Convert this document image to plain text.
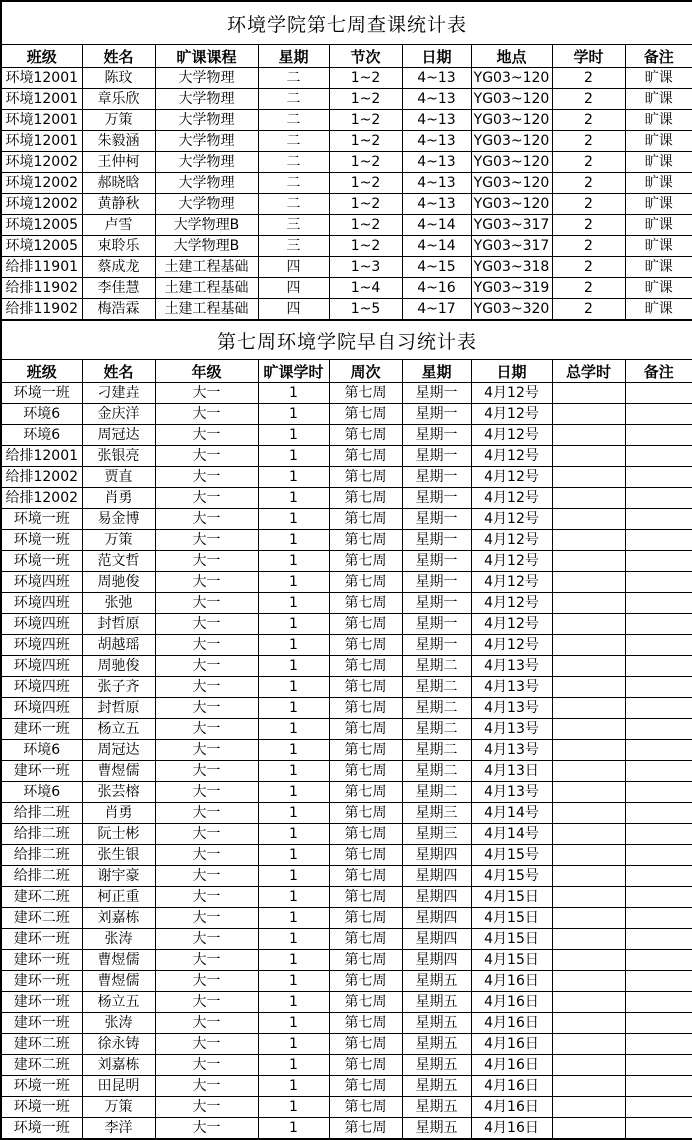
环境学院第七周查课统计表								
班级	姓名	旷课课程	星期	节次	日期	地点	学时	备注
环境12001	陈玟	大学物理	二	1~2	4~13	YG03~120	2	旷课
环境12001	章乐欣	大学物理	二	1~2	4~13	YG03~120	2	旷课
环境12001	万策	大学物理	二	1~2	4~13	YG03~120	2	旷课
环境12001	朱毅涵	大学物理	二	1~2	4~13	YG03~120	2	旷课
环境12002	王仲柯	大学物理	二	1~2	4~13	YG03~120	2	旷课
环境12002	郝晓晗	大学物理	二	1~2	4~13	YG03~120	2	旷课
环境12002	黄静秋	大学物理	二	1~2	4~13	YG03~120	2	旷课
环境12005	卢雪	大学物理B	三	1~2	4~14	YG03~317	2	旷课
环境12005	束聆乐	大学物理B	三	1~2	4~14	YG03~317	2	旷课
给排11901	蔡成龙	土建工程基础	四	1~3	4~15	YG03~318	2	旷课
给排11902	李佳慧	土建工程基础	四	1~4	4~16	YG03~319	2	旷课
给排11902	梅浩霖	土建工程基础	四	1~5	4~17	YG03~320	2	旷课
第七周环境学院早自习统计表								
班级	姓名	年级	旷课学时	周次	星期	日期	总学时	备注
环境一班	刁建垚	大一	1	第七周	星期一	4月12号		
环境6	金庆洋	大一	1	第七周	星期一	4月12号		
环境6	周冠达	大一	1	第七周	星期一	4月12号		
给排12001	张银亮	大一	1	第七周	星期一	4月12号		
给排12002	贾直	大一	1	第七周	星期一	4月12号		
给排12002	肖勇	大一	1	第七周	星期一	4月12号		
环境一班	易金博	大一	1	第七周	星期一	4月12号		
环境一班	万策	大一	1	第七周	星期一	4月12号		
环境一班	范文哲	大一	1	第七周	星期一	4月12号		
环境四班	周驰俊	大一	1	第七周	星期一	4月12号		
环境四班	张弛	大一	1	第七周	星期一	4月12号		
环境四班	封哲原	大一	1	第七周	星期一	4月12号		
环境四班	胡越瑶	大一	1	第七周	星期一	4月12号		
环境四班	周驰俊	大一	1	第七周	星期二	4月13号		
环境四班	张子齐	大一	1	第七周	星期二	4月13号		
环境四班	封哲原	大一	1	第七周	星期二	4月13号		
建环一班	杨立五	大一	1	第七周	星期二	4月13号		
环境6	周冠达	大一	1	第七周	星期二	4月13号		
建环一班	曹煜儒	大一	1	第七周	星期二	4月13日		
环境6	张芸榕	大一	1	第七周	星期二	4月13号		
给排二班	肖勇	大一	1	第七周	星期三	4月14号		
给排二班	阮士彬	大一	1	第七周	星期三	4月14号		
给排二班	张生银	大一	1	第七周	星期四	4月15号		
给排二班	谢宇豪	大一	1	第七周	星期四	4月15号		
建环二班	柯正重	大一	1	第七周	星期四	4月15日		
建环二班	刘嘉栋	大一	1	第七周	星期四	4月15日		
建环一班	张涛	大一	1	第七周	星期四	4月15日		
建环一班	曹煜儒	大一	1	第七周	星期四	4月15日		
建环一班	曹煜儒	大一	1	第七周	星期五	4月16日		
建环一班	杨立五	大一	1	第七周	星期五	4月16日		
建环一班	张涛	大一	1	第七周	星期五	4月16日		
建环二班	徐永铸	大一	1	第七周	星期五	4月16日		
建环二班	刘嘉栋	大一	1	第七周	星期五	4月16日		
环境一班	田昆明	大一	1	第七周	星期五	4月16日		
环境一班	万策	大一	1	第七周	星期五	4月16日		
环境一班	李洋	大一	1	第七周	星期五	4月16日		
